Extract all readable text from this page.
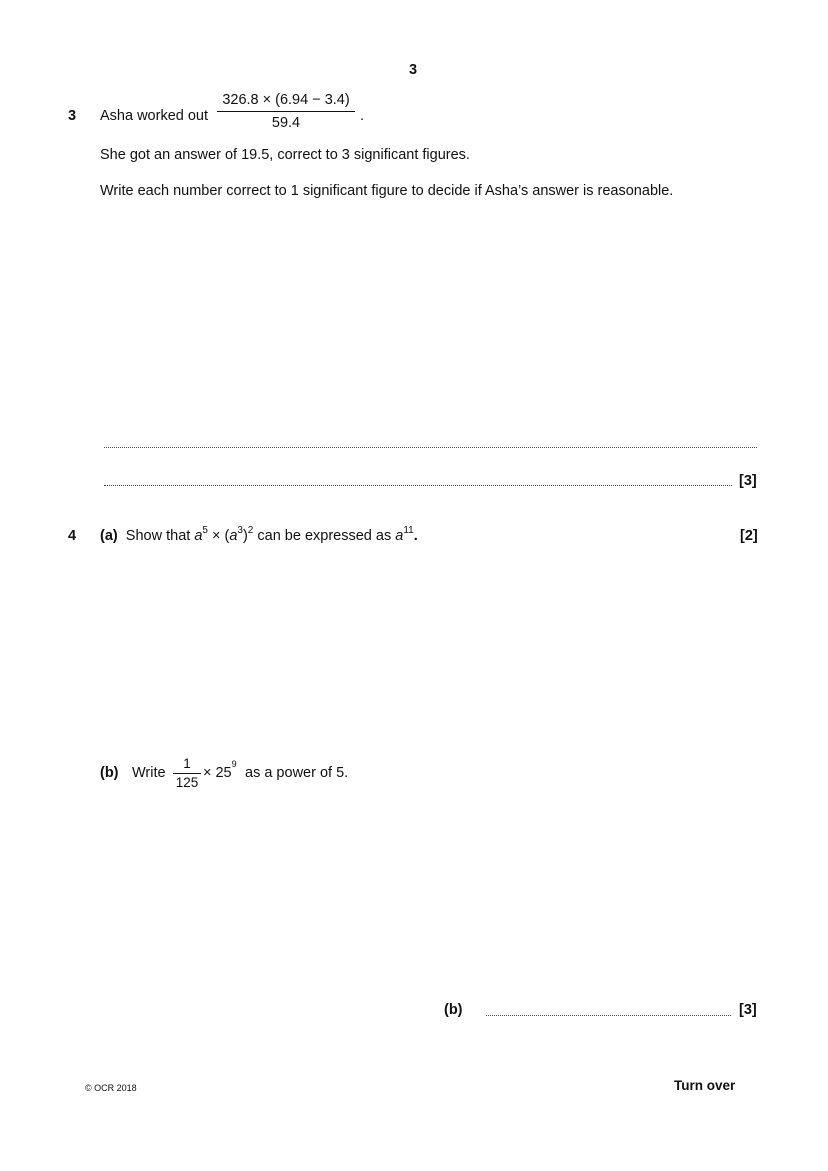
3
3 Asha worked out
326.8 × (6.94 − 3.4)
59.4	.
She got an answer of 19.5, correct to 3 significant figures.
Write each number correct to 1 significant figure to decide if Asha’s answer is reasonable.
[3]
4 (a) Show that $a^5 \times (a^3)^2$ can be expressed as $a^{11}$.	[2]
(b) Write
1
125
× $25^9$
as a power of 5.
(b)	[3]
© OCR 2018	Turn over
